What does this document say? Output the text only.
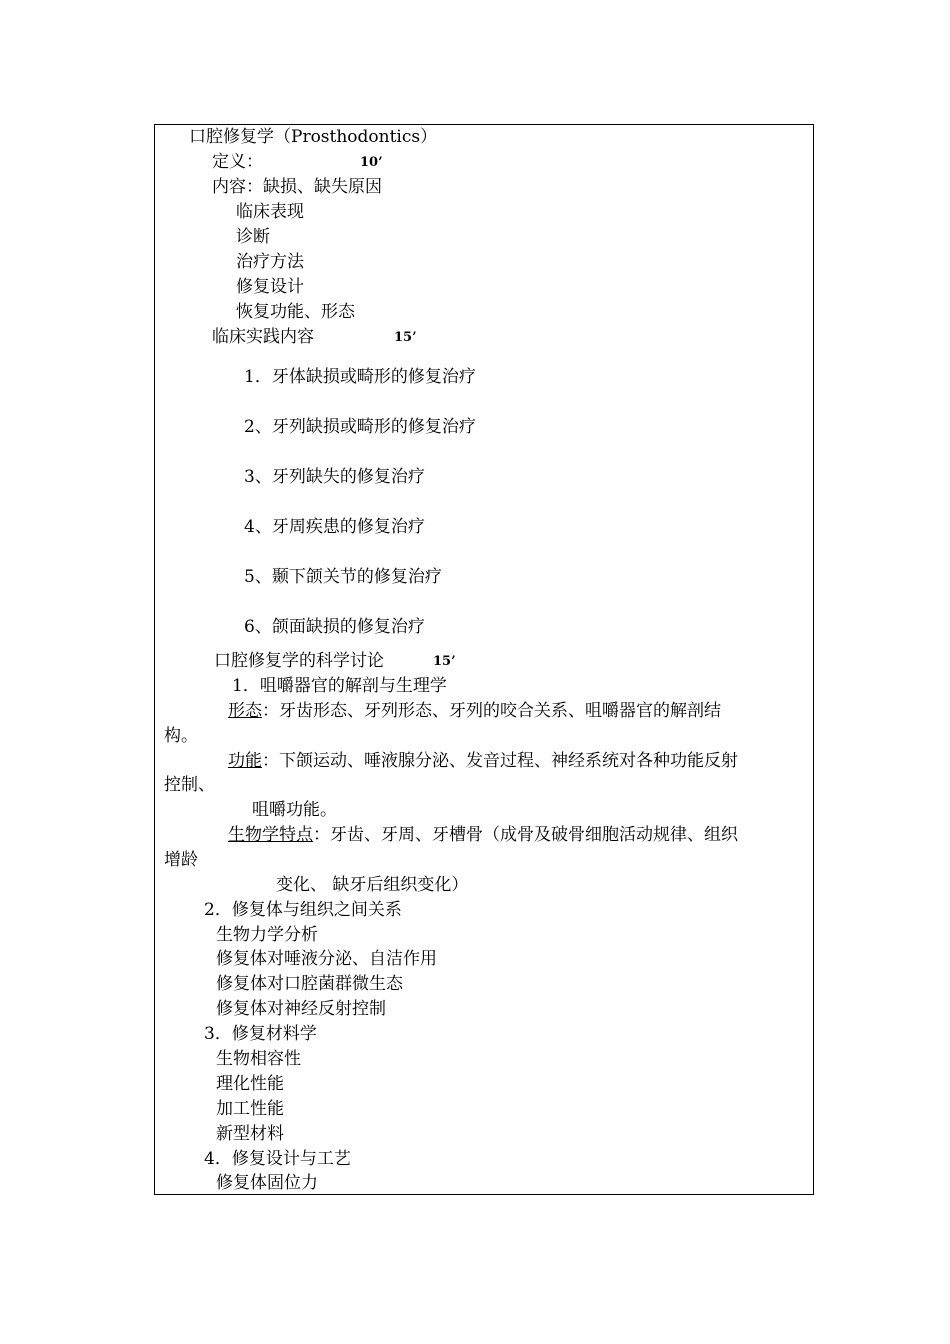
口腔修复学（Prosthodontics）
定义：	10’
内容：缺损、缺失原因
临床表现
诊断
治疗方法
修复设计
恢复功能、形态
临床实践内容	15’
1．牙体缺损或畸形的修复治疗
2、牙列缺损或畸形的修复治疗
3、牙列缺失的修复治疗
4、牙周疾患的修复治疗
5、颞下颌关节的修复治疗
6、颌面缺损的修复治疗
口腔修复学的科学讨论	15’
1．咀嚼器官的解剖与生理学
形态：牙齿形态、牙列形态、牙列的咬合关系、咀嚼器官的解剖结
构。
功能：下颌运动、唾液腺分泌、发音过程、神经系统对各种功能反射
控制、
咀嚼功能。
生物学特点：牙齿、牙周、牙槽骨（成骨及破骨细胞活动规律、组织
增龄
变化、 缺牙后组织变化）
2．修复体与组织之间关系
生物力学分析
修复体对唾液分泌、自洁作用
修复体对口腔菌群微生态
修复体对神经反射控制
3．修复材料学
生物相容性
理化性能
加工性能
新型材料
4．修复设计与工艺
修复体固位力
